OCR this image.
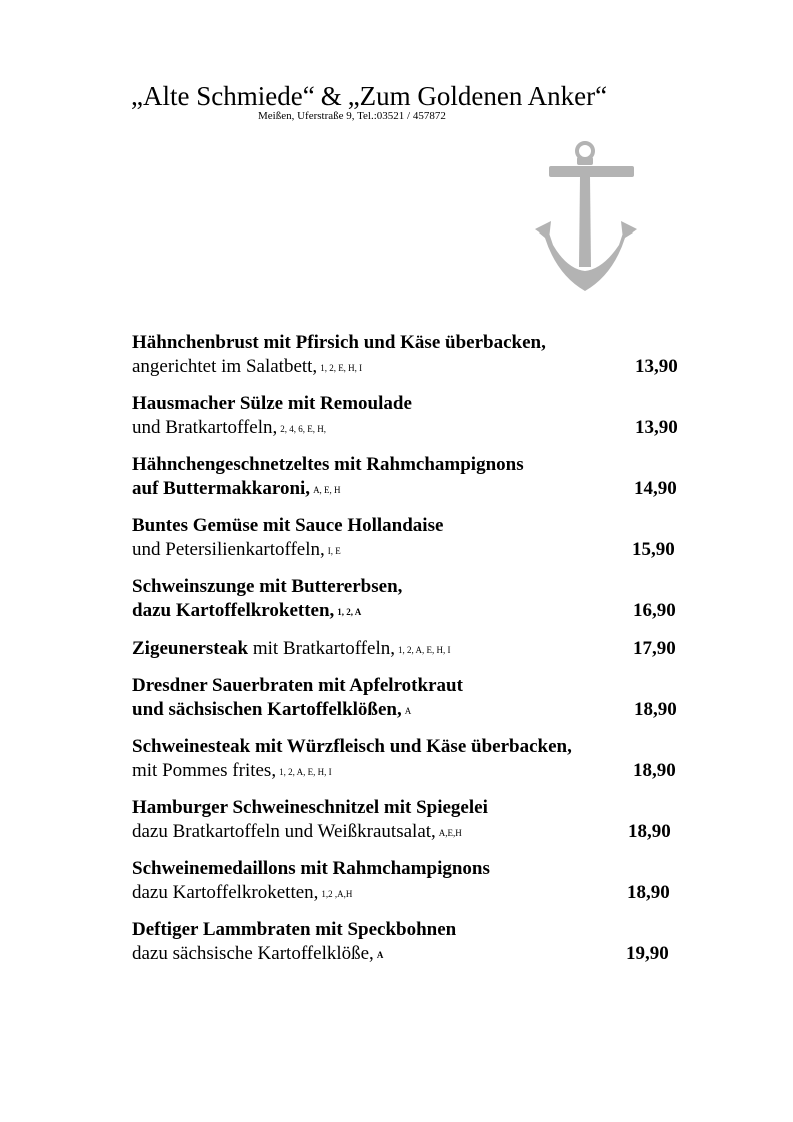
„Alte Schmiede“ & „Zum Goldenen Anker“
Meißen, Uferstraße 9, Tel.:03521 / 457872
Hähnchenbrust mit Pfirsich und Käse überbacken,
angerichtet im Salatbett, 1, 2, E, H, I	13,90
Hausmacher Sülze mit Remoulade
und Bratkartoffeln, 2, 4, 6, E, H,	13,90
Hähnchengeschnetzeltes mit Rahmchampignons
auf Buttermakkaroni, A, E, H	14,90
Buntes Gemüse mit Sauce Hollandaise
und Petersilienkartoffeln, I, E	15,90
Schweinszunge mit Buttererbsen,
dazu Kartoffelkroketten, 1, 2, A	16,90
Zigeunersteak mit Bratkartoffeln, 1, 2, A, E, H, I	17,90
Dresdner Sauerbraten mit Apfelrotkraut
und sächsischen Kartoffelklößen, A	18,90
Schweinesteak mit Würzfleisch und Käse überbacken,
mit Pommes frites, 1, 2, A, E, H, I	18,90
Hamburger Schweineschnitzel mit Spiegelei
dazu Bratkartoffeln und Weißkrautsalat, A,E,H	18,90
Schweinemedaillons mit Rahmchampignons
dazu Kartoffelkroketten, 1,2 ,A,H	18,90
Deftiger Lammbraten mit Speckbohnen
dazu sächsische Kartoffelklöße, A	19,90
